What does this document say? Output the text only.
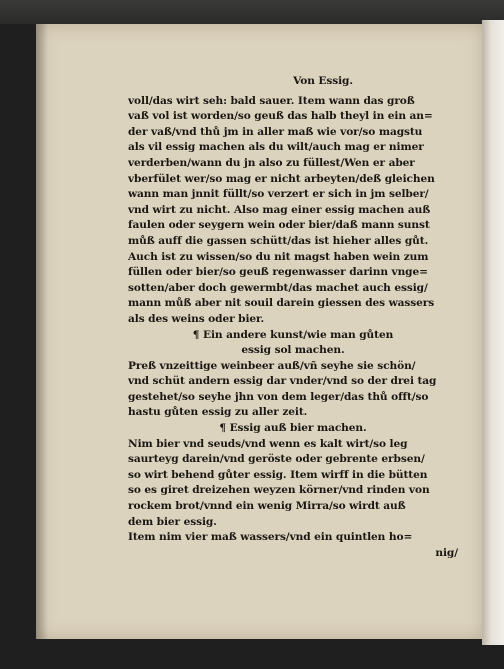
Von Essig.
voll/das wirt seh: bald sauer. Item wann das groß
vaß vol ist worden/so geuß das halb theyl in ein an=
der vaß/vnd thů jm in aller maß wie vor/so magstu
als vil essig machen als du wilt/auch mag er nimer
verderben/wann du jn also zu füllest/Wen er aber
vberfület wer/so mag er nicht arbeyten/deß gleichen
wann man jnnit füllt/so verzert er sich in jm selber/
vnd wirt zu nicht. Also mag einer essig machen auß
faulen oder seygern wein oder bier/daß mann sunst
můß auff die gassen schütt/das ist hieher alles gůt.
Auch ist zu wissen/so du nit magst haben wein zum
füllen oder bier/so geuß regenwasser darinn vnge=
sotten/aber doch gewermbt/das machet auch essig/
mann můß aber nit souil darein giessen des wassers
als des weins oder bier.
¶ Ein andere kunst/wie man gůten
essig sol machen.
Preß vnzeittige weinbeer auß/vñ seyhe sie schön/
vnd schüt andern essig dar vnder/vnd so der drei tag
gestehet/so seyhe jhn von dem leger/das thů offt/so
hastu gůten essig zu aller zeit.
¶ Essig auß bier machen.
Nim bier vnd seuds/vnd wenn es kalt wirt/so leg
saurteyg darein/vnd geröste oder gebrente erbsen/
so wirt behend gůter essig. Item wirff in die bütten
so es giret dreizehen weyzen körner/vnd rinden von
rockem brot/vnnd ein wenig Mirra/so wirdt auß
dem bier essig.
Item nim vier maß wassers/vnd ein quintlen ho=
nig/
